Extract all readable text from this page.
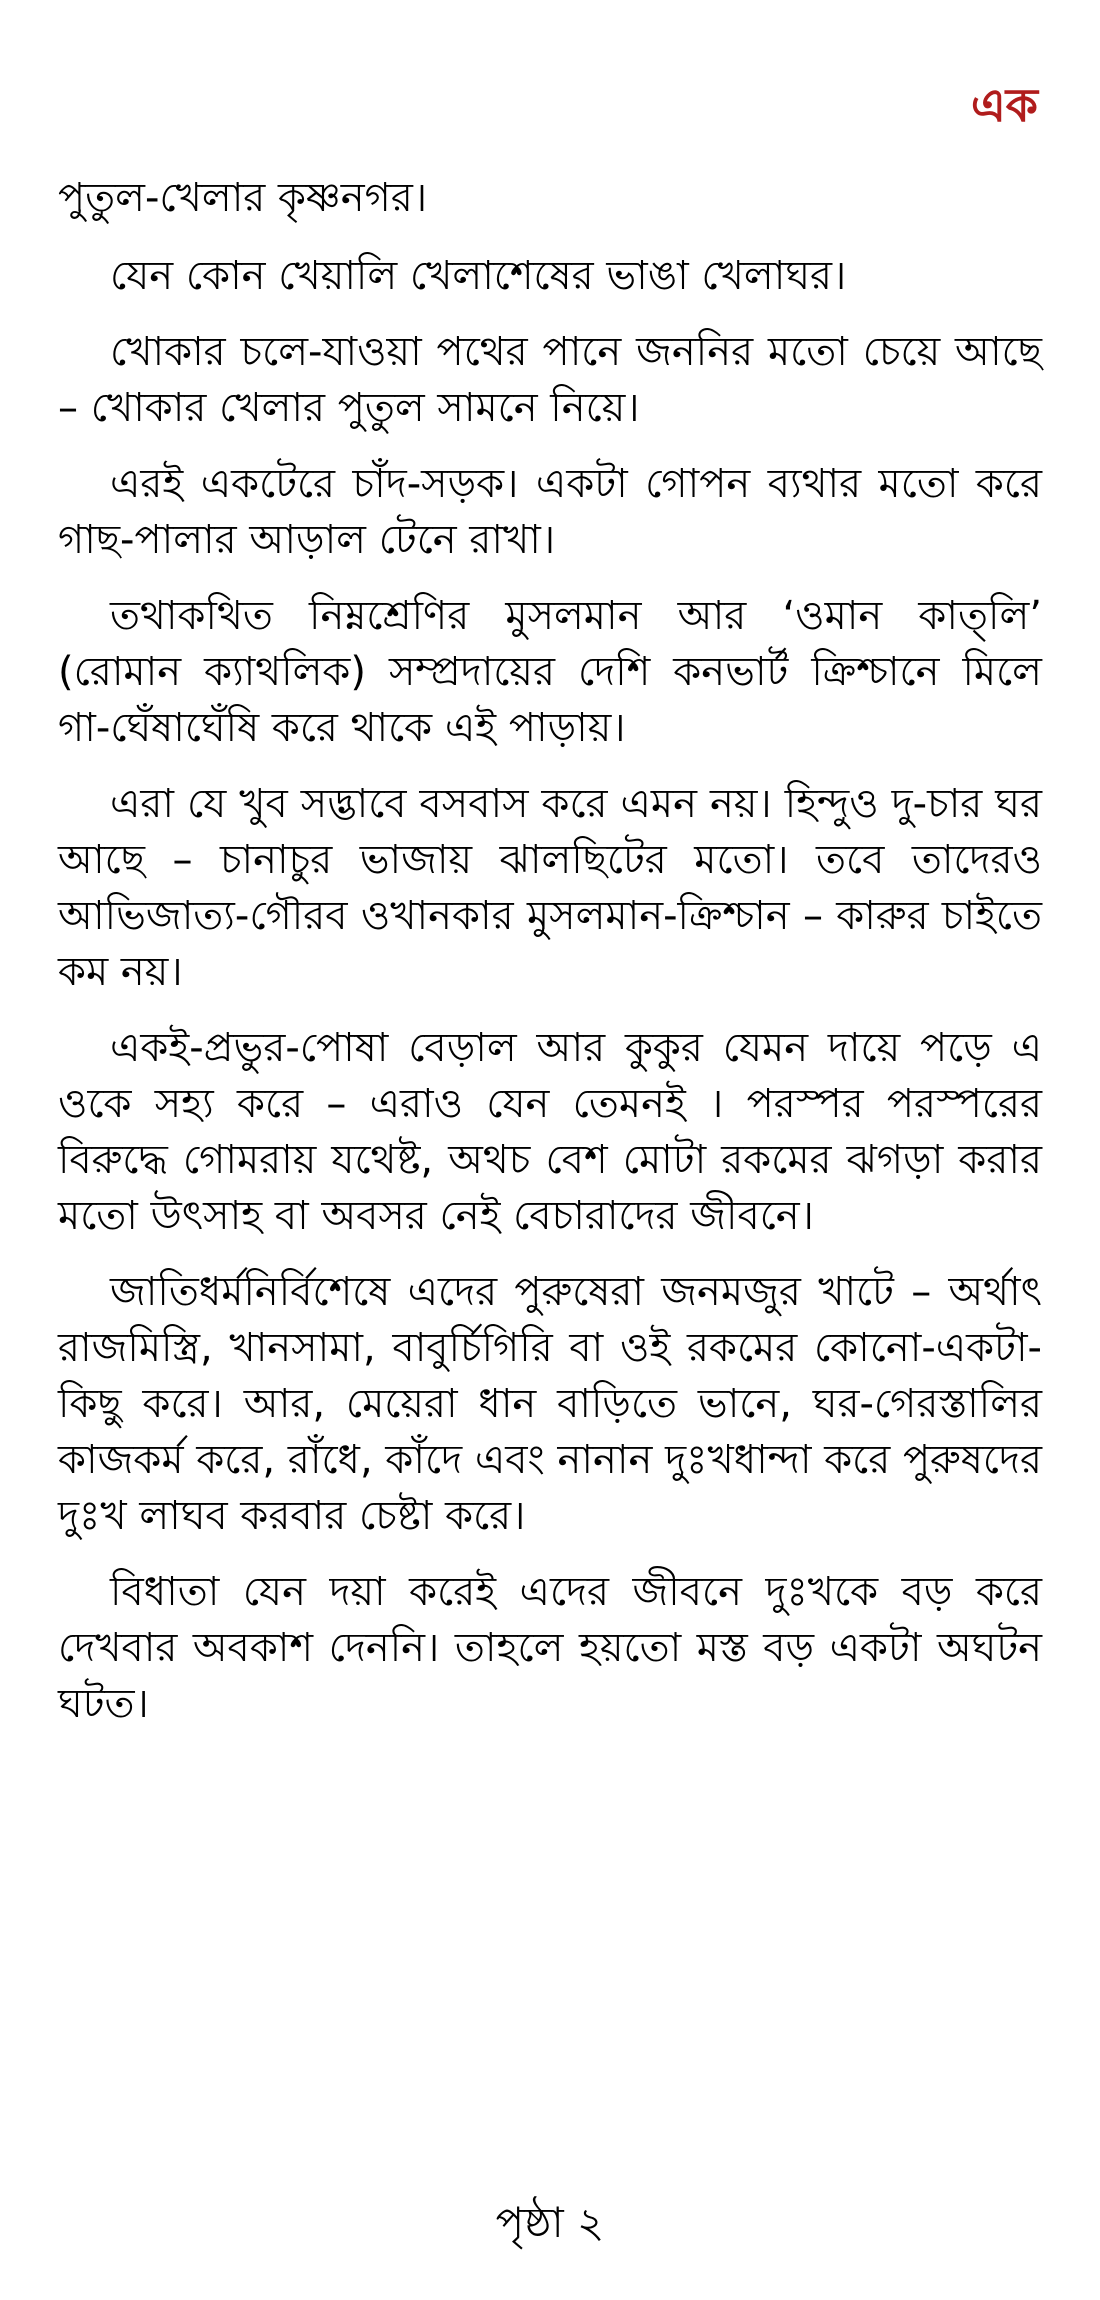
এক

পুতুল-খেলার কৃষ্ণনগর।

যেন কোন খেয়ালি খেলাশেষের ভাঙা খেলাঘর।

খোকার চলে-যাওয়া পথের পানে জননির মতো চেয়ে আছে – খোকার খেলার পুতুল সামনে নিয়ে।

এরই একটেরে চাঁদ-সড়ক। একটা গোপন ব্যথার মতো করে গাছ-পালার আড়াল টেনে রাখা।

তথাকথিত নিম্নশ্রেণির মুসলমান আর ‘ওমান কাত্‌লি’ (রোমান ক্যাথলিক) সম্প্রদায়ের দেশি কনভার্ট ক্রিশ্চানে মিলে গা-ঘেঁষাঘেঁষি করে থাকে এই পাড়ায়।

এরা যে খুব সদ্ভাবে বসবাস করে এমন নয়। হিন্দুও দু-চার ঘর আছে – চানাচুর ভাজায় ঝালছিটের মতো। তবে তাদেরও আভিজাত্য-গৌরব ওখানকার মুসলমান-ক্রিশ্চান – কারুর চাইতে কম নয়।

একই-প্রভুর-পোষা বেড়াল আর কুকুর যেমন দায়ে পড়ে এ ওকে সহ্য করে – এরাও যেন তেমনই । পরস্পর পরস্পরের বিরুদ্ধে গোমরায় যথেষ্ট, অথচ বেশ মোটা রকমের ঝগড়া করার মতো উৎসাহ বা অবসর নেই বেচারাদের জীবনে।

জাতিধর্মনির্বিশেষে এদের পুরুষেরা জনমজুর খাটে – অর্থাৎ রাজমিস্ত্রি, খানসামা, বাবুর্চিগিরি বা ওই রকমের কোনো-একটা-কিছু করে। আর, মেয়েরা ধান বাড়িতে ভানে, ঘর-গেরস্তালির কাজকর্ম করে, রাঁধে, কাঁদে এবং নানান দুঃখধান্দা করে পুরুষদের দুঃখ লাঘব করবার চেষ্টা করে।

বিধাতা যেন দয়া করেই এদের জীবনে দুঃখকে বড় করে দেখবার অবকাশ দেননি। তাহলে হয়তো মস্ত বড় একটা অঘটন ঘটত।

পৃষ্ঠা ২
